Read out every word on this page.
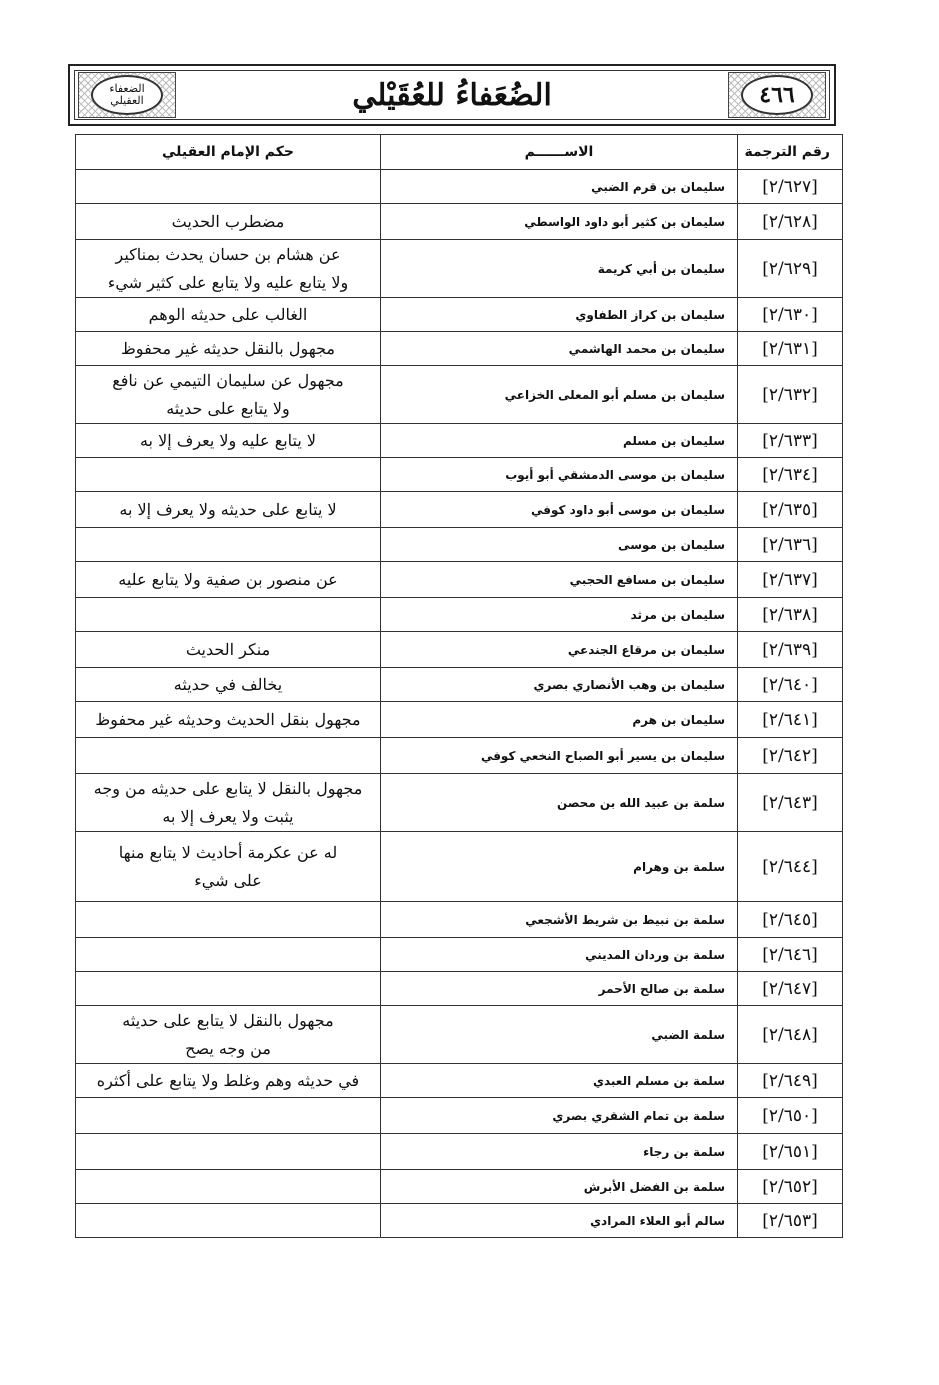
الضعفاء العقيلي	الضُعَفاءُ للعُقَيْلي	٤٦٦
رقم الترجمة	الاســــــم	حكم الإمام العقيلي
[٢/٦٢٧]	سليمان بن قرم الضبي	
[٢/٦٢٨]	سليمان بن كثير أبو داود الواسطي	مضطرب الحديث

[٢/٦٢٩]	سليمان بن أبي كريمة	عن هشام بن حسان يحدث بمناكير
ولا يتابع عليه ولا يتابع على كثير شيء

[٢/٦٣٠]	سليمان بن كراز الطفاوي	الغالب على حديثه الوهم

[٢/٦٣١]	سليمان بن محمد الهاشمي	مجهول بالنقل حديثه غير محفوظ

[٢/٦٣٢]	سليمان بن مسلم أبو المعلى الخزاعي	مجهول عن سليمان التيمي عن نافع
ولا يتابع على حديثه

[٢/٦٣٣]	سليمان بن مسلم	لا يتابع عليه ولا يعرف إلا به

[٢/٦٣٤]	سليمان بن موسى الدمشقي أبو أيوب	
[٢/٦٣٥]	سليمان بن موسى أبو داود كوفي	لا يتابع على حديثه ولا يعرف إلا به

[٢/٦٣٦]	سليمان بن موسى	
[٢/٦٣٧]	سليمان بن مسافع الحجبي	عن منصور بن صفية ولا يتابع عليه

[٢/٦٣٨]	سليمان بن مرثد	
[٢/٦٣٩]	سليمان بن مرقاع الجندعي	منكر الحديث

[٢/٦٤٠]	سليمان بن وهب الأنصاري بصري	يخالف في حديثه

[٢/٦٤١]	سليمان بن هرم	مجهول بنقل الحديث وحديثه غير محفوظ

[٢/٦٤٢]	سليمان بن يسير أبو الصباح النخعي كوفي	
[٢/٦٤٣]	سلمة بن عبيد الله بن محصن	مجهول بالنقل لا يتابع على حديثه من وجه
يثبت ولا يعرف إلا به

[٢/٦٤٤]	سلمة بن وهرام	له عن عكرمة أحاديث لا يتابع منها
على شيء

[٢/٦٤٥]	سلمة بن نبيط بن شريط الأشجعي	
[٢/٦٤٦]	سلمة بن وردان المديني	
[٢/٦٤٧]	سلمة بن صالح الأحمر	
[٢/٦٤٨]	سلمة الضبي	مجهول بالنقل لا يتابع على حديثه
من وجه يصح

[٢/٦٤٩]	سلمة بن مسلم العبدي	في حديثه وهم وغلط ولا يتابع على أكثره

[٢/٦٥٠]	سلمة بن تمام الشقري بصري	
[٢/٦٥١]	سلمة بن رجاء	
[٢/٦٥٢]	سلمة بن الفضل الأبرش	
[٢/٦٥٣]	سالم أبو العلاء المرادي	
